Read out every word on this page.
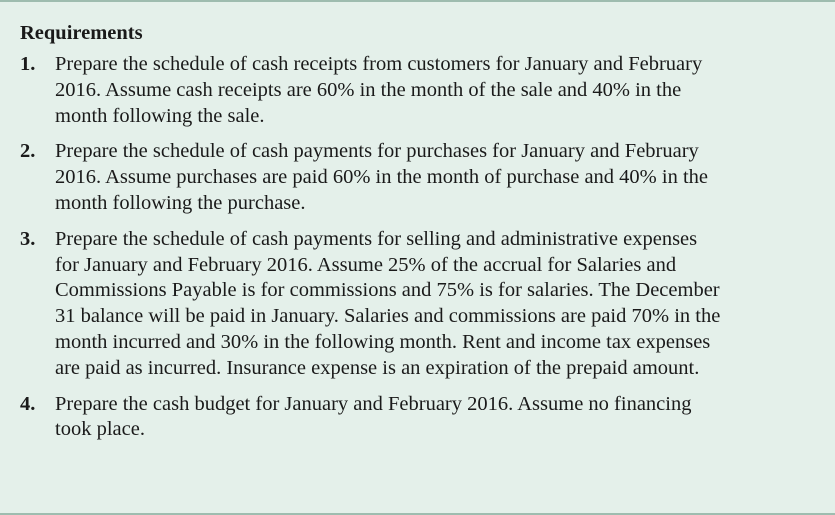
Requirements
1. Prepare the schedule of cash receipts from customers for January and February
2016. Assume cash receipts are 60% in the month of the sale and 40% in the
month following the sale.
2. Prepare the schedule of cash payments for purchases for January and February
2016. Assume purchases are paid 60% in the month of purchase and 40% in the
month following the purchase.
3. Prepare the schedule of cash payments for selling and administrative expenses
for January and February 2016. Assume 25% of the accrual for Salaries and
Commissions Payable is for commissions and 75% is for salaries. The December
31 balance will be paid in January. Salaries and commissions are paid 70% in the
month incurred and 30% in the following month. Rent and income tax expenses
are paid as incurred. Insurance expense is an expiration of the prepaid amount.
4. Prepare the cash budget for January and February 2016. Assume no financing
took place.
